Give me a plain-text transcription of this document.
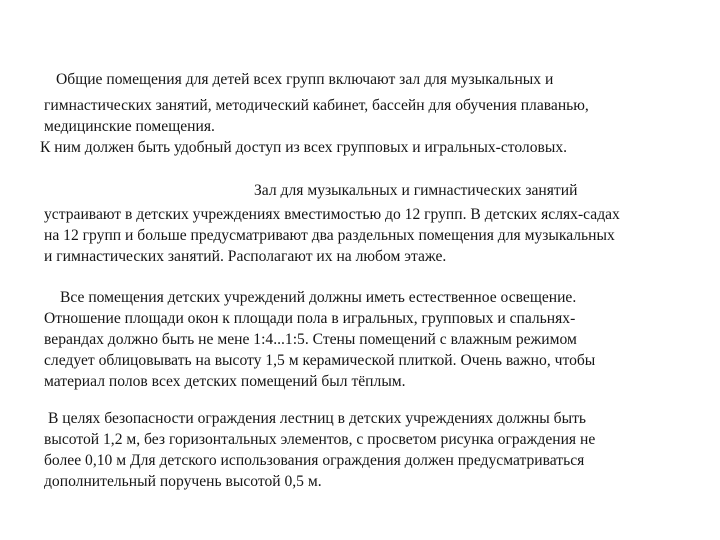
Общие помещения для детей всех групп включают зал для музыкальных и
гимнастических занятий, методический кабинет, бассейн для обучения плаванью,
медицинские помещения.
К ним должен быть удобный доступ из всех групповых и игральных-столовых.
Зал для музыкальных и гимнастических занятий
устраивают в детских учреждениях вместимостью до 12 групп. В детских яслях-садах
на 12 групп и больше предусматривают два раздельных помещения для музыкальных
и гимнастических занятий. Располагают их на любом этаже.
Все помещения детских учреждений должны иметь естественное освещение.
Отношение площади окон к площади пола в игральных, групповых и спальнях-
верандах должно быть не мене 1:4...1:5. Стены помещений с влажным режимом
следует облицовывать на высоту 1,5 м керамической плиткой. Очень важно, чтобы
материал полов всех детских помещений был тёплым.
В целях безопасности ограждения лестниц в детских учреждениях должны быть
высотой 1,2 м, без горизонтальных элементов, с просветом рисунка ограждения не
более 0,10 м Для детского использования ограждения должен предусматриваться
дополнительный поручень высотой 0,5 м.
